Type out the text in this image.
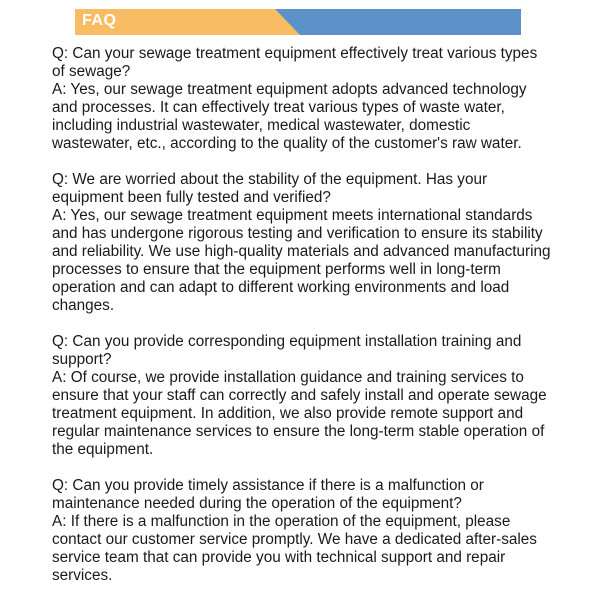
FAQ

Q: Can your sewage treatment equipment effectively treat various types of sewage?

A: Yes, our sewage treatment equipment adopts advanced technology and processes. It can effectively treat various types of waste water, including industrial wastewater, medical wastewater, domestic wastewater, etc., according to the quality of the customer's raw water.

Q: We are worried about the stability of the equipment. Has your equipment been fully tested and verified?

A: Yes, our sewage treatment equipment meets international standards and has undergone rigorous testing and verification to ensure its stability and reliability. We use high-quality materials and advanced manufacturing processes to ensure that the equipment performs well in long-term operation and can adapt to different working environments and load changes.

Q: Can you provide corresponding equipment installation training and support?

A: Of course, we provide installation guidance and training services to ensure that your staff can correctly and safely install and operate sewage treatment equipment. In addition, we also provide remote support and regular maintenance services to ensure the long-term stable operation of the equipment.

Q: Can you provide timely assistance if there is a malfunction or maintenance needed during the operation of the equipment?

A: If there is a malfunction in the operation of the equipment, please contact our customer service promptly. We have a dedicated after-sales service team that can provide you with technical support and repair services.
